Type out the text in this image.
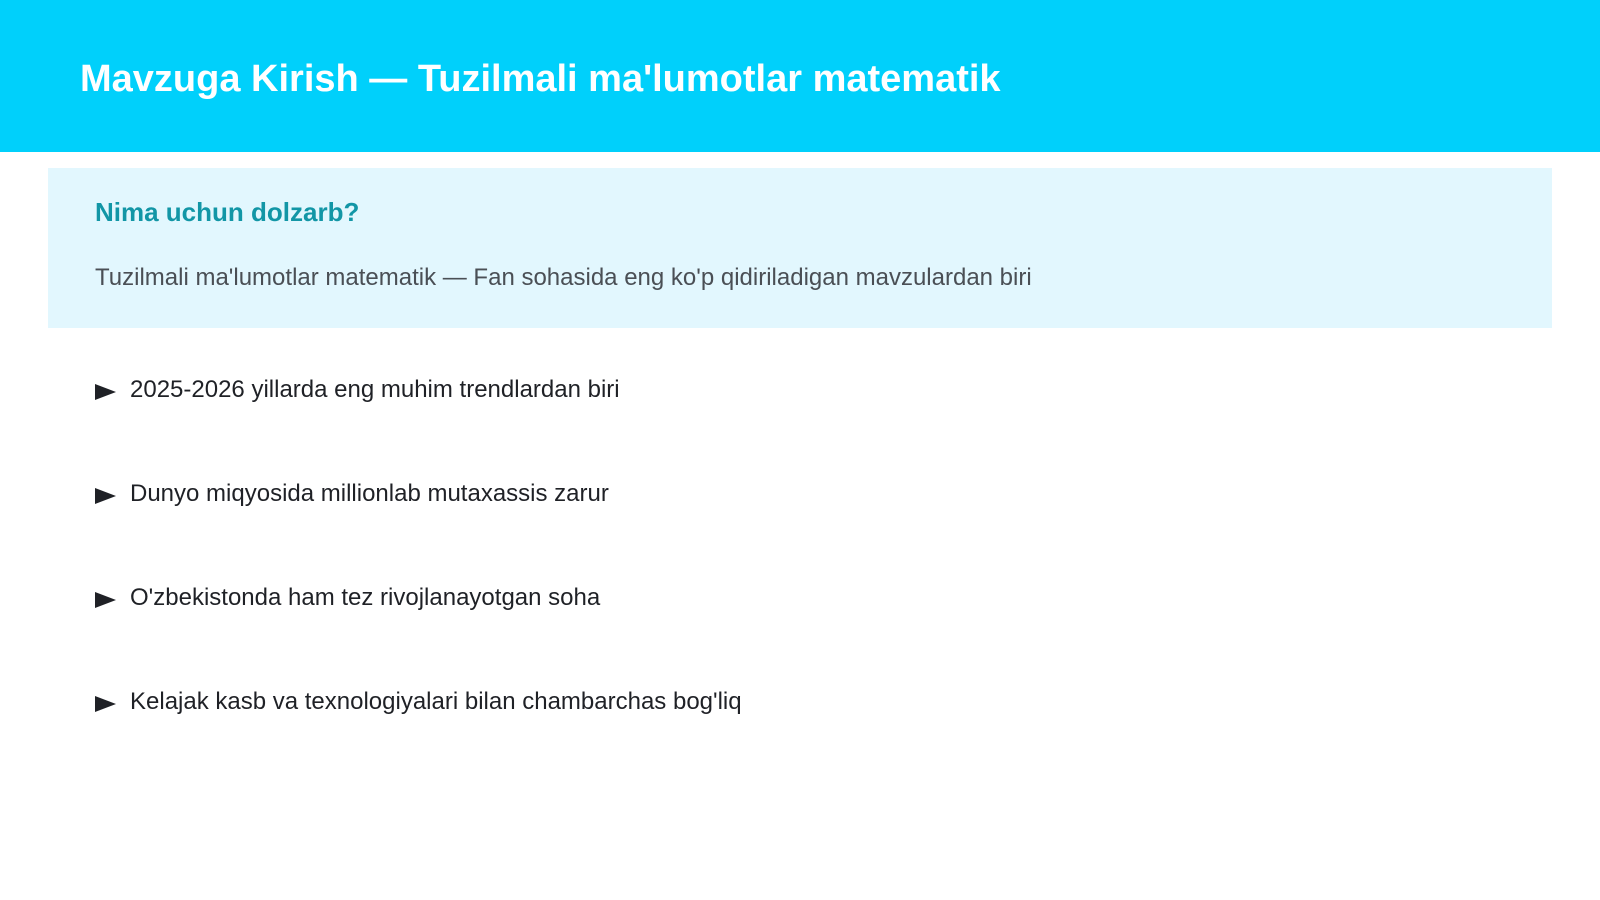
Mavzuga Kirish — Tuzilmali ma'lumotlar matematik
Nima uchun dolzarb?

Tuzilmali ma'lumotlar matematik — Fan sohasida eng ko'p qidiriladigan mavzulardan biri

2025-2026 yillarda eng muhim trendlardan biri
Dunyo miqyosida millionlab mutaxassis zarur
O'zbekistonda ham tez rivojlanayotgan soha
Kelajak kasb va texnologiyalari bilan chambarchas bog'liq
